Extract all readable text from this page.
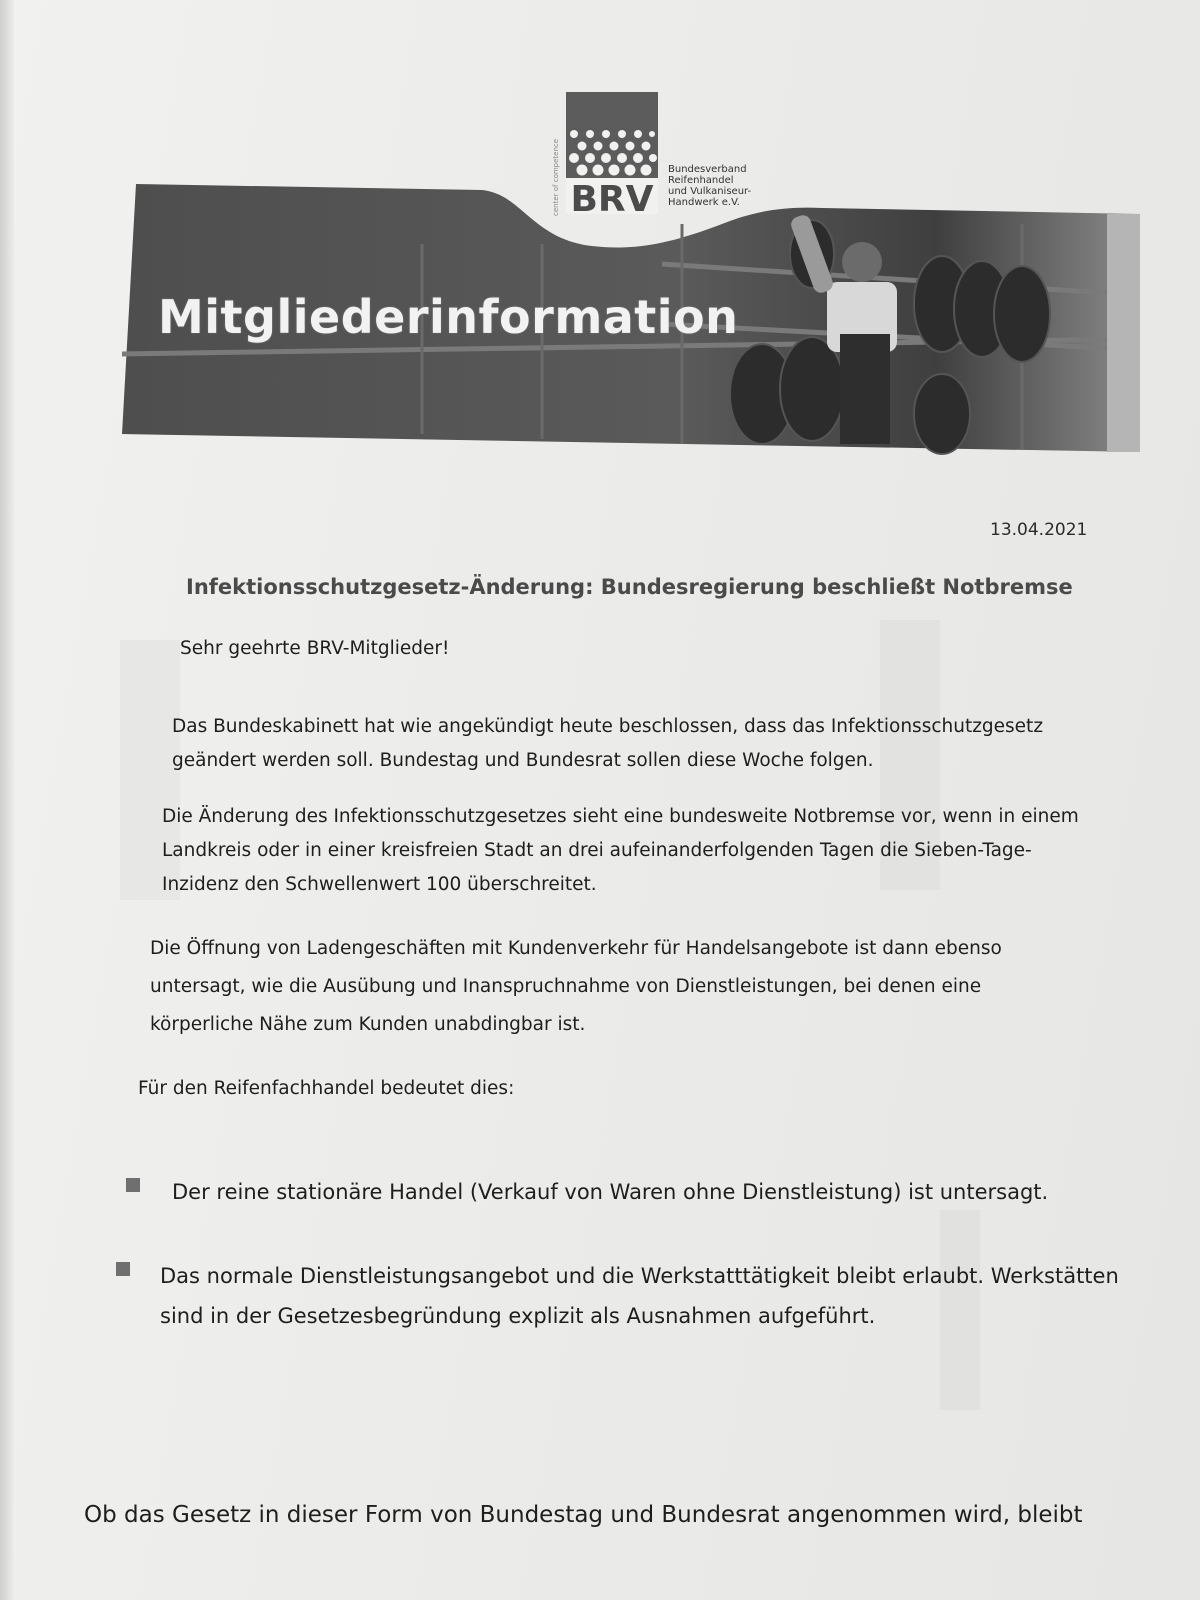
center of competence BRV
Bundesverband
Reifenhandel
und Vulkaniseur-
Handwerk e.V.
Mitgliederinformation
13.04.2021
Infektionsschutzgesetz-Änderung: Bundesregierung beschließt Notbremse
Sehr geehrte BRV-Mitglieder!
Das Bundeskabinett hat wie angekündigt heute beschlossen, dass das Infektionsschutzgesetz
geändert werden soll. Bundestag und Bundesrat sollen diese Woche folgen.
Die Änderung des Infektionsschutzgesetzes sieht eine bundesweite Notbremse vor, wenn in einem
Landkreis oder in einer kreisfreien Stadt an drei aufeinanderfolgenden Tagen die Sieben-Tage-
Inzidenz den Schwellenwert 100 überschreitet.
Die Öffnung von Ladengeschäften mit Kundenverkehr für Handelsangebote ist dann ebenso
untersagt, wie die Ausübung und Inanspruchnahme von Dienstleistungen, bei denen eine
körperliche Nähe zum Kunden unabdingbar ist.
Für den Reifenfachhandel bedeutet dies:
Der reine stationäre Handel (Verkauf von Waren ohne Dienstleistung) ist untersagt.
Das normale Dienstleistungsangebot und die Werkstatttätigkeit bleibt erlaubt. Werkstätten
sind in der Gesetzesbegründung explizit als Ausnahmen aufgeführt.
Ob das Gesetz in dieser Form von Bundestag und Bundesrat angenommen wird, bleibt
